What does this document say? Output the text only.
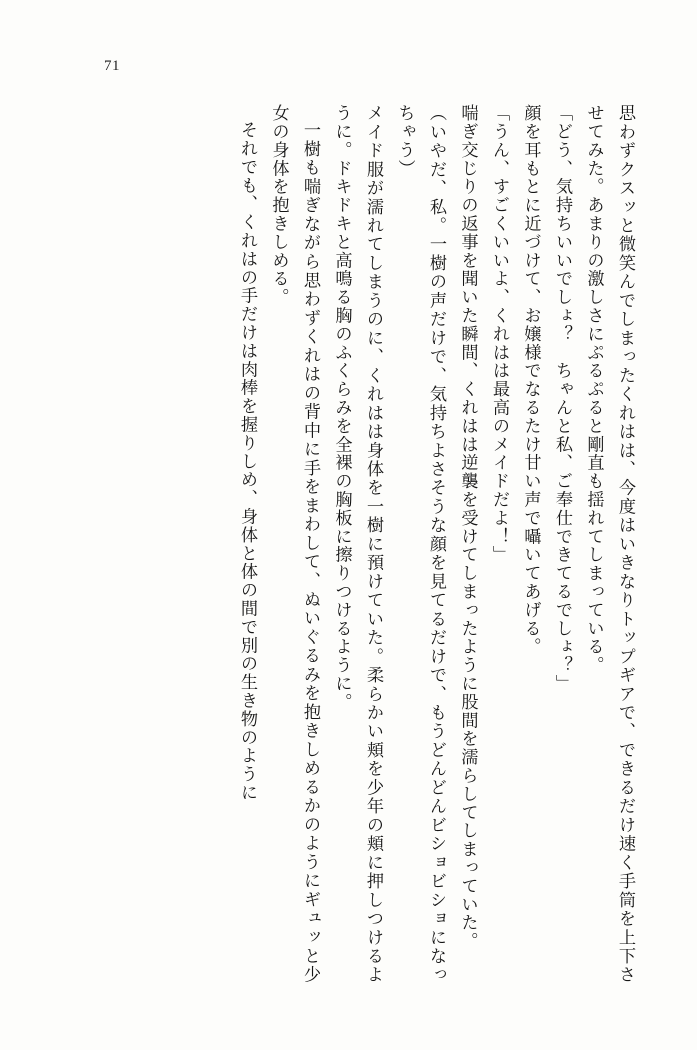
71

思わずクスッと微笑んでしまったくれはは、今度はいきなりトップギアで、できるだけ速く手筒を上下させてみた。あまりの激しさにぷるぷると剛直も揺れてしまっている。

「どう、気持ちいいでしょ？　ちゃんと私、ご奉仕できてるでしょ？」

顔を耳もとに近づけて、お嬢様でなるたけ甘い声で囁いてあげる。

「うん、すごくいいよ、くれはは最高のメイドだよ！」

喘ぎ交じりの返事を聞いた瞬間、くれはは逆襲を受けてしまったように股間を濡らしてしまっていた。

（いやだ、私。一樹の声だけで、気持ちよさそうな顔を見てるだけで、もうどんどんビショビショになっちゃう）

メイド服が濡れてしまうのに、くれはは身体を一樹に預けていた。柔らかい頬を少年の頬に押しつけるように。ドキドキと高鳴る胸のふくらみを全裸の胸板に擦りつけるように。

一樹も喘ぎながら思わずくれはの背中に手をまわして、ぬいぐるみを抱きしめるかのようにギュッと少女の身体を抱きしめる。

それでも、くれはの手だけは肉棒を握りしめ、身体と体の間で別の生き物のように
